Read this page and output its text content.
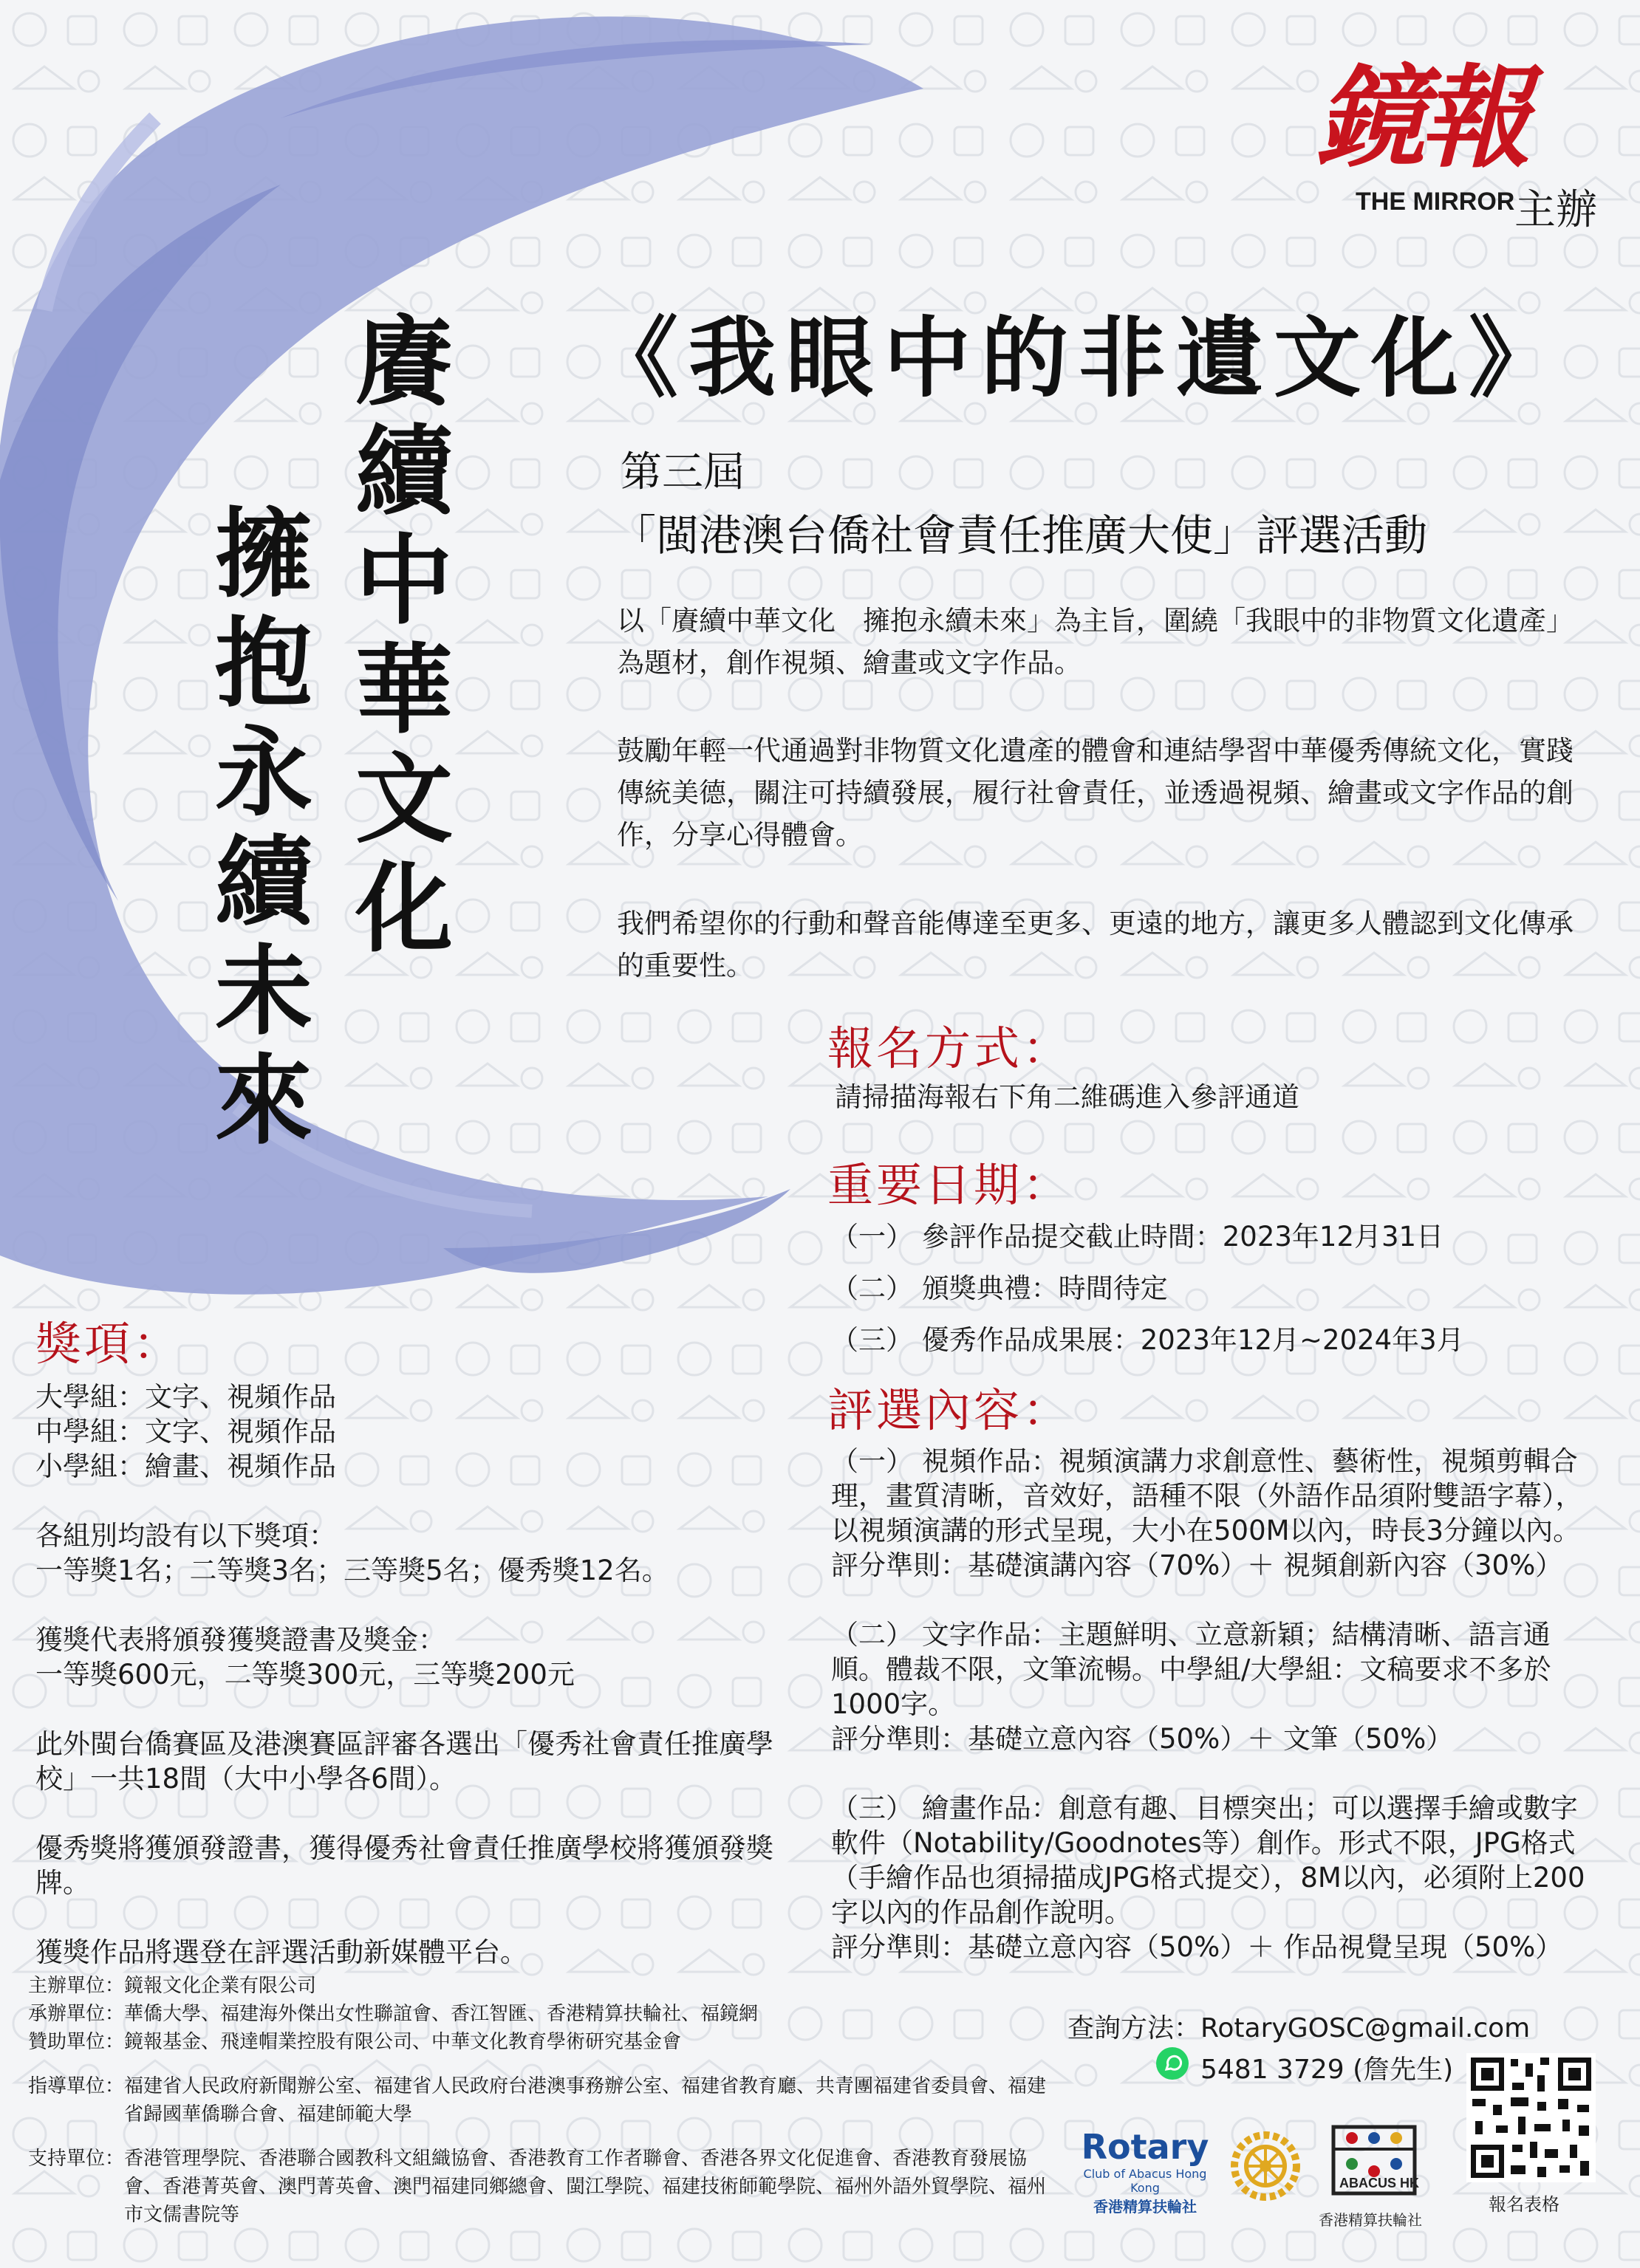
鏡報
THE MIRROR 主辦
《我眼中的非遺文化》
賡續中華文化
擁抱永續未來
第三屆
「閩港澳台僑社會責任推廣大使」評選活動
以「賡續中華文化　擁抱永續未來」為主旨，圍繞「我眼中的非物質文化遺產」為題材，創作視頻、繪畫或文字作品。
鼓勵年輕一代通過對非物質文化遺產的體會和連結學習中華優秀傳統文化，實踐傳統美德，關注可持續發展，履行社會責任，並透過視頻、繪畫或文字作品的創作，分享心得體會。
我們希望你的行動和聲音能傳達至更多、更遠的地方，讓更多人體認到文化傳承的重要性。
報名方式：
請掃描海報右下角二維碼進入參評通道
重要日期：
（一） 參評作品提交截止時間：2023年12月31日
（二） 頒獎典禮：時間待定
（三） 優秀作品成果展：2023年12月~2024年3月
評選內容：
（一） 視頻作品：視頻演講力求創意性、藝術性，視頻剪輯合理，畫質清晰，音效好，語種不限（外語作品須附雙語字幕），以視頻演講的形式呈現，大小在500M以內，時長3分鐘以內。
評分準則：基礎演講內容（70%）＋ 視頻創新內容（30%）
（二） 文字作品：主題鮮明、立意新穎；結構清晰、語言通順。體裁不限，文筆流暢。中學組/大學組：文稿要求不多於1000字。
評分準則：基礎立意內容（50%）＋ 文筆（50%）
（三） 繪畫作品：創意有趣、目標突出；可以選擇手繪或數字軟件（Notability/Goodnotes等）創作。形式不限，JPG格式（手繪作品也須掃描成JPG格式提交），8M以內，必須附上200字以內的作品創作說明。
評分準則：基礎立意內容（50%）＋ 作品視覺呈現（50%）
獎項：
大學組：文字、視頻作品
中學組：文字、視頻作品
小學組：繪畫、視頻作品
各組別均設有以下獎項：
一等獎1名；二等獎3名；三等獎5名；優秀獎12名。
獲獎代表將頒發獲獎證書及獎金：
一等獎600元，二等獎300元，三等獎200元
此外閩台僑賽區及港澳賽區評審各選出「優秀社會責任推廣學校」一共18間（大中小學各6間）。
優秀獎將獲頒發證書，獲得優秀社會責任推廣學校將獲頒發獎牌。
獲獎作品將選登在評選活動新媒體平台。
主辦單位： 鏡報文化企業有限公司
承辦單位： 華僑大學、福建海外傑出女性聯誼會、香江智匯、香港精算扶輪社、福鏡網
贊助單位： 鏡報基金、飛達帽業控股有限公司、中華文化教育學術研究基金會
指導單位： 福建省人民政府新聞辦公室、福建省人民政府台港澳事務辦公室、福建省教育廳、共青團福建省委員會、福建省歸國華僑聯合會、福建師範大學
支持單位： 香港管理學院、香港聯合國教科文組織協會、香港教育工作者聯會、香港各界文化促進會、香港教育發展協會、香港菁英會、澳門菁英會、澳門福建同鄉總會、閩江學院、福建技術師範學院、福州外語外貿學院、福州市文儒書院等
查詢方法：RotaryGOSC@gmail.com
5481 3729 (詹先生)
Rotary
Club of Abacus Hong Kong
香港精算扶輪社
ABACUS HK
香港精算扶輪社
報名表格
